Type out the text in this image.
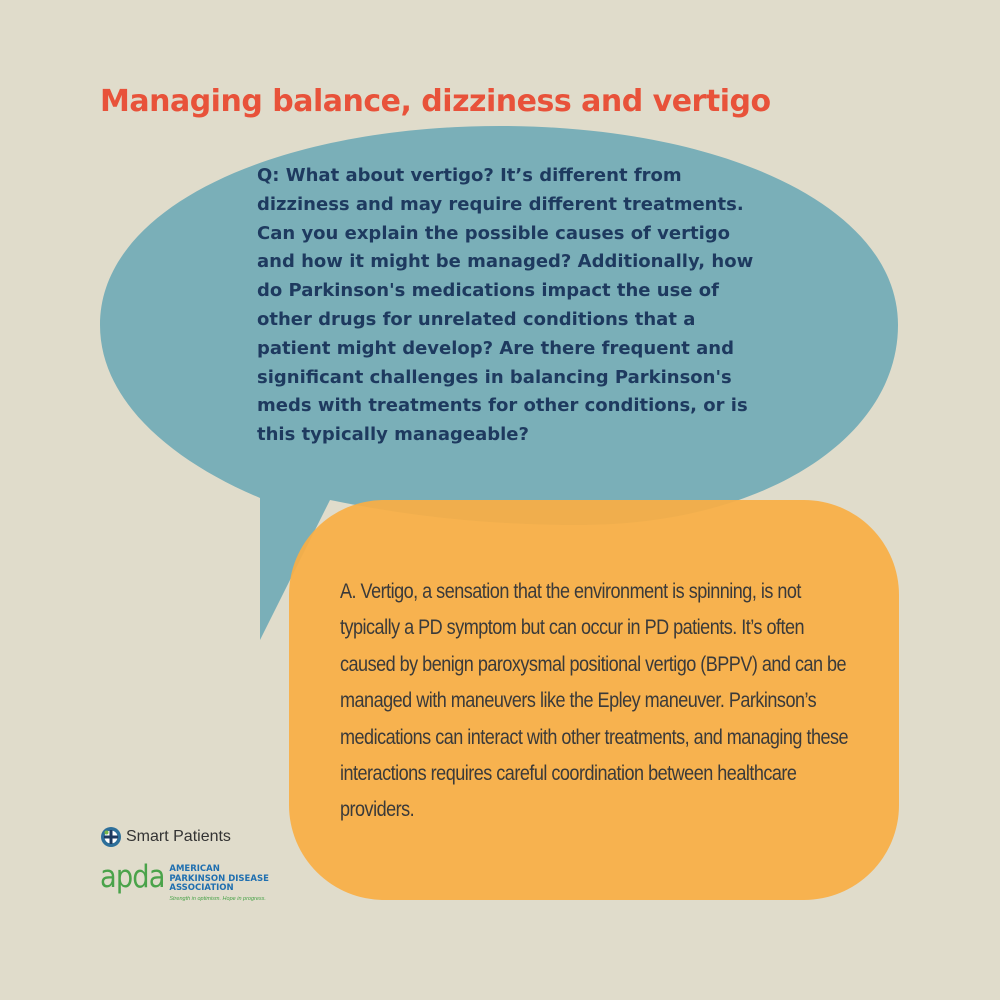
Managing balance, dizziness and vertigo

Q: What about vertigo? It’s different from dizziness and may require different treatments. Can you explain the possible causes of vertigo and how it might be managed? Additionally, how do Parkinson's medications impact the use of other drugs for unrelated conditions that a patient might develop? Are there frequent and significant challenges in balancing Parkinson's meds with treatments for other conditions, or is this typically manageable?

A. Vertigo, a sensation that the environment is spinning, is not typically a PD symptom but can occur in PD patients. It’s often caused by benign paroxysmal positional vertigo (BPPV) and can be managed with maneuvers like the Epley maneuver. Parkinson’s medications can interact with other treatments, and managing these interactions requires careful coordination between healthcare providers.
Smart Patients
apda AMERICAN
PARKINSON DISEASE
ASSOCIATION
Strength in optimism. Hope in progress.
